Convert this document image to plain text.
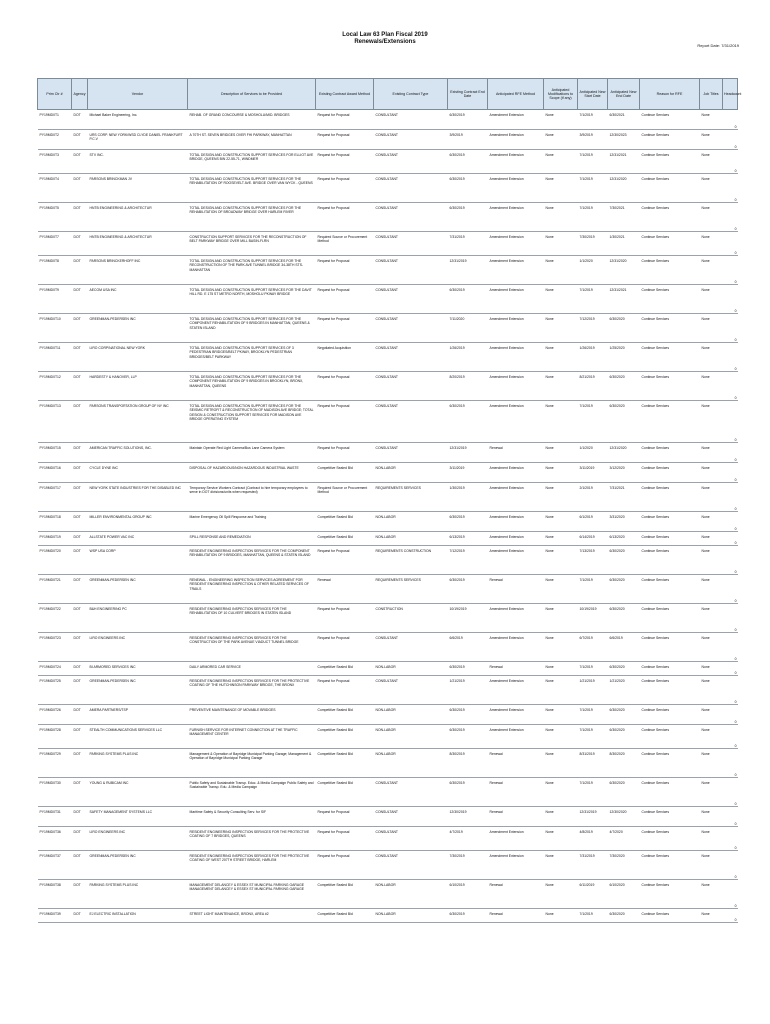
Local Law 63 Plan Fiscal 2019
Renewals/Extensions
Report Date: 7/31/2019
Prim Ctr #	Agency	Vendor	Description of Services to be Provided	Existing Contract Award Method	Existing Contract Type	Existing Contract End Date	Anticipated RFE Method	Anticipated Modifications to Scope (if any)	Anticipated New Start Date	Anticipated New End Date	Reason for RFE	Job Titles	Headcount
PY19MD0T1	DOT	Michael Baker Engineering, Inc.	REHAB. OF GRAND CONCOURSE & MOSHOLU/MID. BRIDGES	Request for Proposal	CONSULTANT	6/30/2019	Amendment Extension	None	7/1/2019	6/30/2021	Continue Services	None	0
PY19MD0T2	DOT	URS CORP. NEW YORK/WSD CLYDE DANIEL FRANKFURT P.C.V	A 70TH ST. SEVEN BRIDGES OVER FHI PARKWAY, MANHATTAN	Request for Proposal	CONSULTANT	3/9/2019	Amendment Extension	None	3/9/2019	12/30/2023	Continue Services	None	0
PY19MD0T3	DOT	STV INC.	TOTAL DESIGN AND CONSTRUCTION SUPPORT SERVICES FOR ELLIOT AVE BRIDGE, QUEENS BIN 22-55-71, WINDMER	Request for Proposal	CONSULTANT	6/30/2019	Amendment Extension	None	7/1/2019	12/31/2021	Continue Services	None	0
PY19MD0T4	DOT	PARSONS BRINCKMAN JV	TOTAL DESIGN AND CONSTRUCTION SUPPORT SERVICES FOR THE REHABILITATION OF ROOSEVELT AVE. BRIDGE OVER VAN WYCK - QUEENS	Request for Proposal	CONSULTANT	6/30/2019	Amendment Extension	None	7/1/2019	12/31/2020	Continue Services	None	0
PY19MD0T5	DOT	HNTB ENGINEERING & ARCHITECTUR	TOTAL DESIGN AND CONSTRUCTION SUPPORT SERVICES FOR THE REHABILITATION OF BROADWAY BRIDGE OVER HARLEM RIVER	Request for Proposal	CONSULTANT	6/30/2019	Amendment Extension	None	7/1/2019	7/30/2021	Continue Services	None	0
PY19MD0T7	DOT	HNTB ENGINEERING & ARCHITECTUR	CONSTRUCTION SUPPORT SERVICES FOR THE RECONSTRUCTION OF BELT PARKWAY BRIDGE OVER MILL BASIN-FLRN	Required Source or Procurement Method	CONSULTANT	7/31/2019	Amendment Extension	None	7/30/2019	1/30/2021	Continue Services	None	0
PY19MD0T8	DOT	PARSONS BRINCKERHOFF INC	TOTAL DESIGN AND CONSTRUCTION SUPPORT SERVICES FOR THE RECONSTRUCTION OF THE PARK AVE TUNNEL BRIDGE 34-38TH STS-MANHATTAN	Request for Proposal	CONSULTANT	12/31/2019	Amendment Extension	None	1/1/2020	12/31/2020	Continue Services	None	0
PY19MD0T9	DOT	AECOM USA INC	TOTAL DESIGN AND CONSTRUCTION SUPPORT SERVICES FOR THE DAVIT HILL RD. E 175 ST METRO NORTH, MOSHOLU PKWAY BRIDGE	Request for Proposal	CONSULTANT	6/30/2019	Amendment Extension	None	7/1/2019	12/31/2021	Continue Services	None	0
PY19MD0T10	DOT	GREENMAN-PEDERSEN INC	TOTAL DESIGN AND CONSTRUCTION SUPPORT SERVICES FOR THE COMPONENT REHABILITATION OF 9 BRIDGES IN MANHATTAN, QUEENS & STATEN ISLAND	Request for Proposal	CONSULTANT	7/11/2020	Amendment Extension	None	7/12/2019	6/30/2020	Continue Services	None	0
PY19MD0T11	DOT	LIRO CORP/NATIONAL NEW YORK	TOTAL DESIGN AND CONSTRUCTION SUPPORT SERVICES OF 3 PEDESTRIAN BRIDGES/BELT PKWAY, BROOKLYN PEDESTRIAN BRIDGES/BELT PARKWAY	Negotiated Acquisition	CONSULTANT	1/26/2019	Amendment Extension	None	1/26/2019	1/25/2020	Continue Services	None	0
PY19MD0T12	DOT	HARDESTY & HANOVER, LLP	TOTAL DESIGN AND CONSTRUCTION SUPPORT SERVICES FOR THE COMPONENT REHABILITATION OF 9 BRIDGES IN BROOKLYN, BRONX, MANHATTAN, QUEENS	Request for Proposal	CONSULTANT	8/20/2019	Amendment Extension	None	8/21/2019	6/30/2020	Continue Services	None	0
PY19MD0T13	DOT	PARSONS TRANSPORTATION GROUP OF NY INC	TOTAL DESIGN AND CONSTRUCTION SUPPORT SERVICES FOR THE SEISMIC RETROFIT & RECONSTRUCTION OF MADISON AVE BRIDGE; TOTAL DESIGN & CONSTRUCTION SUPPORT SERVICES FOR MADISON AVE BRIDGE OPERATING SYSTEM	Request for Proposal	CONSULTANT	6/30/2019	Amendment Extension	None	7/1/2019	6/30/2020	Continue Services	None	0
PY19MD0T15	DOT	AMERICAN TRAFFIC SOLUTIONS, INC.	Maintain Operate Red Light Camera/Bus Lane Camera System	Request for Proposal	CONSULTANT	12/31/2019	Renewal	None	1/1/2020	12/31/2020	Continue Services	None	0
PY19MD0T16	DOT	CYCLE DYNE INC	DISPOSAL OF HAZARDOUS/NON HAZARDOUS INDUSTRIAL WASTE	Competitive Sealed Bid	NON-LABOR	3/11/2019	Amendment Extension	None	3/11/2019	3/12/2020	Continue Services	None	0
PY19MD0T17	DOT	NEW YORK STATE INDUSTRIES FOR THE DISABLED INC	Temporary Service Workers Contract (Contract to hire temporary employees to serve in DOT divisions/units when requested)	Required Source or Procurement Method	REQUIREMENTS SERVICES	1/30/2019	Amendment Extension	None	2/1/2019	7/31/2021	Continue Services	None	0
PY19MD0T18	DOT	MILLER ENVIRONMENTAL GROUP INC	Marine Emergency Oil Spill Response and Training	Competitive Sealed Bid	NON-LABOR	6/30/2019	Amendment Extension	None	6/1/2019	3/31/2020	Continue Services	None	0
PY19MD0T19	DOT	ALLSTATE POWER VAC INC	SPILL RESPONSE AND REMEDIATION	Competitive Sealed Bid	NON-LABOR	6/13/2019	Amendment Extension	None	6/14/2019	6/13/2020	Continue Services	None	0
PY19MD0T20	DOT	WSP USA CORP	RESIDENT ENGINEERING INSPECTION SERVICES FOR THE COMPONENT REHABILITATION OF 9 BRIDGES, MANHATTAN, QUEENS & STATEN ISLAND	Request for Proposal	REQUIREMENTS CONSTRUCTION	7/12/2019	Amendment Extension	None	7/13/2019	6/30/2020	Continue Services	None	0
PY19MD0T21	DOT	GREENMAN-PEDERSEN INC	RENEWAL - ENGINEERING INSPECTION SERVICES AGREEMENT FOR RESIDENT ENGINEERING INSPECTION & OTHER RELATED SERVICES OF TRAILS	Renewal	REQUIREMENTS SERVICES	6/30/2019	Renewal	None	7/1/2019	6/30/2020	Continue Services	None	0
PY19MD0T22	DOT	B&H ENGINEERING PC	RESIDENT ENGINEERING INSPECTION SERVICES FOR THE REHABILITATION OF 10 CULVERT BRIDGES IN STATEN ISLAND	Request for Proposal	CONSTRUCTION	10/19/2019	Amendment Extension	None	10/19/2019	6/30/2020	Continue Services	None	0
PY19MD0T23	DOT	LIRO ENGINEERS INC	RESIDENT ENGINEERING INSPECTION SERVICES FOR THE CONSTRUCTION OF THE PARK AVENUE VIADUCT TUNNEL BRIDGE	Request for Proposal	CONSULTANT	6/6/2019	Amendment Extension	None	6/7/2019	6/6/2019	Continue Services	None	0
PY19MD0T24	DOT	BI ARMORED SERVICES INC	DAILY ARMORED CAR SERVICE	Competitive Sealed Bid	NON-LABOR	6/30/2019	Renewal	None	7/1/2019	6/30/2020	Continue Services	None	0
PY19MD0T25	DOT	GREENMAN-PEDERSEN INC	RESIDENT ENGINEERING INSPECTION SERVICES FOR THE PROTECTIVE COATING OF THE HUTCHINSON PARKWAY BRIDGE, THE BRONX	Request for Proposal	CONSULTANT	1/21/2019	Amendment Extension	None	1/21/2019	1/21/2020	Continue Services	None	0
PY19MD0T26	DOT	AMERA PARTNERS/TSP	PREVENTIVE MAINTENANCE OF MOVABLE BRIDGES	Competitive Sealed Bid	NON-LABOR	6/30/2019	Amendment Extension	None	7/1/2019	6/30/2020	Continue Services	None	0
PY19MD0T28	DOT	STEALTH COMMUNICATIONS SERVICES LLC	FURNISH SERVICE FOR INTERNET CONNECTION AT THE TRAFFIC MANAGEMENT CENTER	Competitive Sealed Bid	NON-LABOR	6/30/2019	Amendment Extension	None	7/1/2019	6/30/2020	Continue Services	None	0
PY19MD0T29	DOT	PARKING SYSTEMS PLUS INC	Management & Operation of Bayridge Municipal Parking Garage; Management & Operation of Bayridge Municipal Parking Garage	Competitive Sealed Bid	NON-LABOR	8/30/2019	Renewal	None	8/31/2019	8/30/2020	Continue Services	None	0
PY19MD0T30	DOT	YOUNG & RUBICAM INC	Public Safety and Sustainable Transp. Educ. & Media Campaign Public Safety and Sustainable Transp. Edu. & Media Campaign	Competitive Sealed Bid	CONSULTANT	6/30/2019	Renewal	None	7/1/2019	6/30/2020	Continue Services	None	0
PY19MD0T31	DOT	SAFETY MANAGEMENT SYSTEMS LLC	Maritime Safety & Security Consulting Serv. for SIF	Request for Proposal	CONSULTANT	12/30/2019	Renewal	None	12/31/2019	12/30/2020	Continue Services	None	0
PY19MD0T36	DOT	LIRO ENGINEERS INC	RESIDENT ENGINEERING INSPECTION SERVICES FOR THE PROTECTIVE COATING OF 7 BRIDGES, QUEENS	Request for Proposal	CONSULTANT	4/7/2019	Amendment Extension	None	4/8/2019	4/7/2020	Continue Services	None	0
PY19MD0T37	DOT	GREENMAN-PEDERSEN INC	RESIDENT ENGINEERING INSPECTION SERVICES FOR THE PROTECTIVE COATING OF WEST 207TH STREET BRIDGE, HARLEM	Request for Proposal	CONSULTANT	7/30/2019	Amendment Extension	None	7/31/2019	7/30/2020	Continue Services	None	0
PY19MD0T38	DOT	PARKING SYSTEMS PLUS INC	MANAGEMENT DELANCEY & ESSEX ST MUNICIPAL PARKING GARAGE MANAGEMENT DELANCEY & ESSEX ST MUNICIPAL PARKING GARAGE	Competitive Sealed Bid	NON-LABOR	6/10/2019	Renewal	None	6/11/2019	6/10/2020	Continue Services	None	0
PY19MD0T39	DOT	EJ ELECTRIC INSTALLATION	STREET LIGHT MAINTENANCE, BRONX, AREA #2	Competitive Sealed Bid	NON-LABOR	6/30/2019	Renewal	None	7/1/2019	6/30/2020	Continue Services	None	0
